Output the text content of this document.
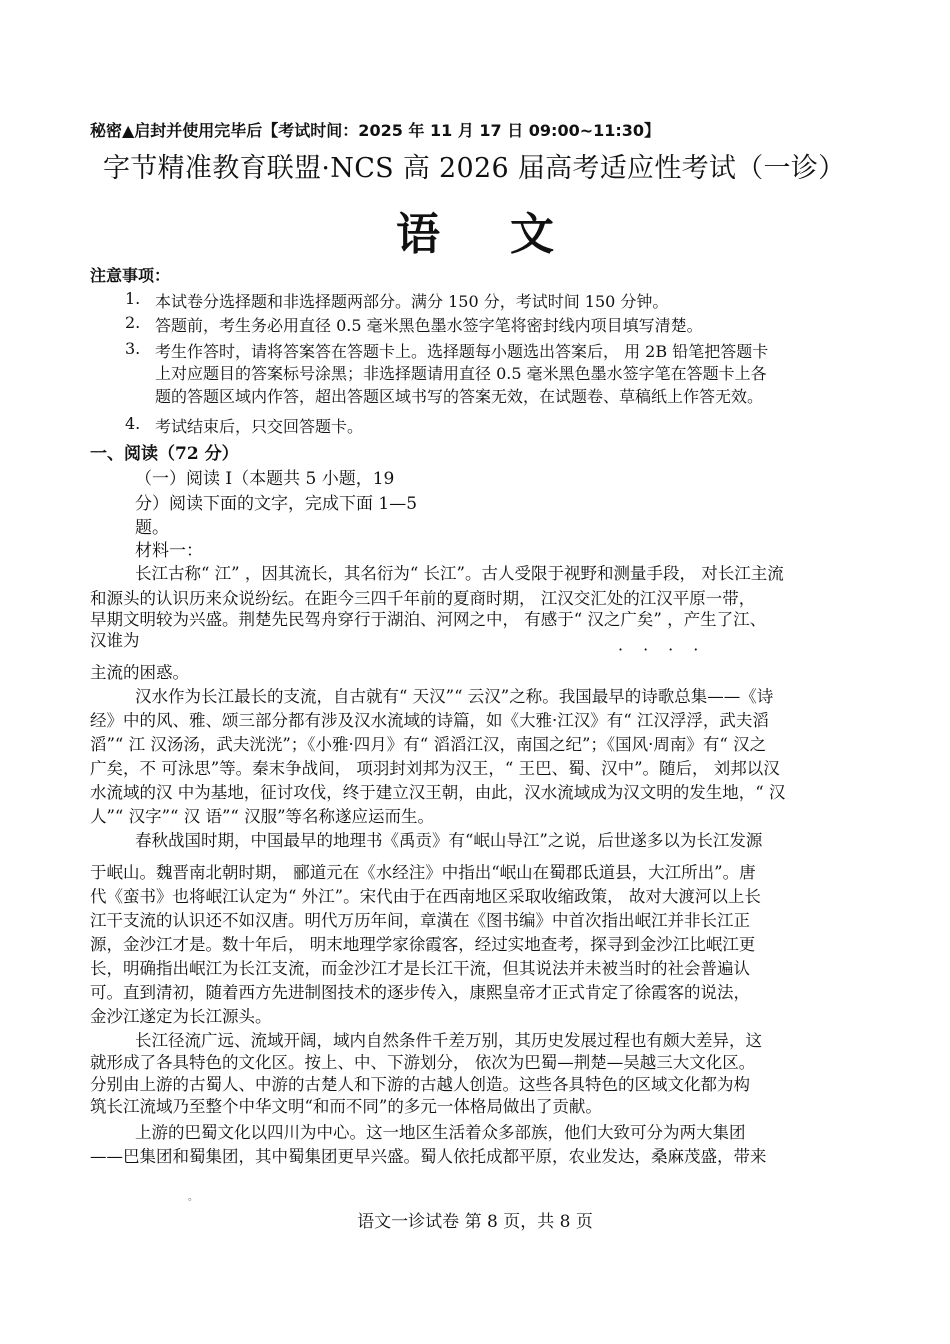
秘密▲启封并使用完毕后【考试时间：2025 年 11 月 17 日 09:00~11:30】
字节精准教育联盟·NCS 高 2026 届高考适应性考试（一诊）
语文
注意事项：
1. 本试卷分选择题和非选择题两部分。满分 150 分，考试时间 150 分钟。
2. 答题前，考生务必用直径 0.5 毫米黑色墨水签字笔将密封线内项目填写清楚。
3. 考生作答时，请将答案答在答题卡上。选择题每小题选出答案后， 用 2B 铅笔把答题卡
上对应题目的答案标号涂黑；非选择题请用直径 0.5 毫米黑色墨水签字笔在答题卡上各
题的答题区域内作答，超出答题区域书写的答案无效，在试题卷、草稿纸上作答无效。
4. 考试结束后，只交回答题卡。
一、阅读（72 分）
（一）阅读 I（本题共 5 小题，19
分）阅读下面的文字，完成下面 1—5
题。
材料一：
长江古称“ 江” ，因其流长，其名衍为“ 长江”。古人受限于视野和测量手段， 对长江主流
和源头的认识历来众说纷纭。在距今三四千年前的夏商时期， 江汉交汇处的江汉平原一带，
早期文明较为兴盛。荆楚先民驾舟穿行于湖泊、河网之中， 有感于“ 汉之广矣” ，产生了江、
汉谁为	····
主流的困惑。
汉水作为长江最长的支流，自古就有“ 天汉”“ 云汉”之称。我国最早的诗歌总集——《诗
经》中的风、雅、颂三部分都有涉及汉水流域的诗篇，如《大雅·江汉》有“ 江汉浮浮，武夫滔
滔”“ 江 汉汤汤，武夫洸洸”；《小雅·四月》有“ 滔滔江汉，南国之纪”；《国风·周南》有“ 汉之
广矣，不 可泳思”等。秦末争战间， 项羽封刘邦为汉王，“ 王巴、蜀、汉中”。随后， 刘邦以汉
水流域的汉 中为基地，征讨攻伐，终于建立汉王朝，由此，汉水流域成为汉文明的发生地，“ 汉
人”“ 汉字”“ 汉 语”“ 汉服”等名称遂应运而生。
春秋战国时期，中国最早的地理书《禹贡》有“岷山导江”之说，后世遂多以为长江发源
于岷山。魏晋南北朝时期， 郦道元在《水经注》中指出“岷山在蜀郡氐道县，大江所出”。唐
代《蛮书》也将岷江认定为“ 外江”。宋代由于在西南地区采取收缩政策， 故对大渡河以上长
江干支流的认识还不如汉唐。明代万历年间，章潢在《图书编》中首次指出岷江并非长江正
源，金沙江才是。数十年后， 明末地理学家徐霞客，经过实地查考，探寻到金沙江比岷江更
长，明确指出岷江为长江支流，而金沙江才是长江干流，但其说法并未被当时的社会普遍认
可。直到清初，随着西方先进制图技术的逐步传入，康熙皇帝才正式肯定了徐霞客的说法，
金沙江遂定为长江源头。
长江径流广远、流域开阔，域内自然条件千差万别，其历史发展过程也有颇大差异，这
就形成了各具特色的文化区。按上、中、下游划分， 依次为巴蜀—荆楚—吴越三大文化区。
分别由上游的古蜀人、中游的古楚人和下游的古越人创造。这些各具特色的区域文化都为构
筑长江流域乃至整个中华文明“和而不同”的多元一体格局做出了贡献。
上游的巴蜀文化以四川为中心。这一地区生活着众多部族，他们大致可分为两大集团
——巴集团和蜀集团，其中蜀集团更早兴盛。蜀人依托成都平原，农业发达，桑麻茂盛，带来
。
语文一诊试卷 第 8 页，共 8 页
